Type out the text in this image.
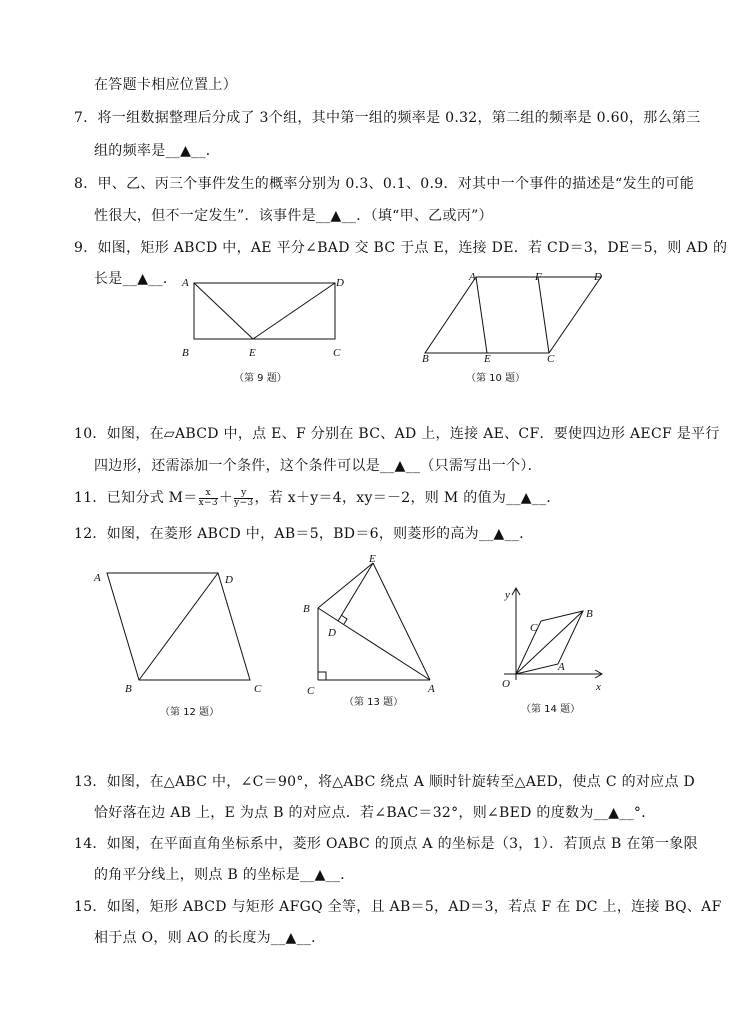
在答题卡相应位置上）
7．将一组数据整理后分成了 3个组，其中第一组的频率是 0.32，第二组的频率是 0.60，那么第三
组的频率是__▲__．
8．甲、乙、丙三个事件发生的概率分别为 0.3、0.1、0.9．对其中一个事件的描述是“发生的可能
性很大，但不一定发生”．该事件是__▲__．（填“甲、乙或丙”）
9．如图，矩形 ABCD 中，AE 平分∠BAD 交 BC 于点 E，连接 DE．若 CD＝3，DE＝5，则 AD 的
长是__▲__． A	D
B	E	C
（第 9 题）
A	F	D
B	E	C
（第 10 题）
10．如图，在▱ABCD 中，点 E、F 分别在 BC、AD 上，连接 AE、CF．要使四边形 AECF 是平行
四边形，还需添加一个条件，这个条件可以是__▲__（只需写出一个）．
11．已知分式 $M= \frac{x}{x-3} + \frac{y}{y-3}$ ，若 x＋y＝4，xy＝－2，则 M 的值为__▲__．
12．如图，在菱形 ABCD 中，AB＝5，BD＝6，则菱形的高为__▲__．
A	D
B	C
（第 12 题）
E
B
D
C	A
（第 13 题）
y
B
C
A
O	x
（第 14 题）
13．如图，在△ABC 中，∠C＝90°，将△ABC 绕点 A 顺时针旋转至△AED，使点 C 的对应点 D
恰好落在边 AB 上，E 为点 B 的对应点．若∠BAC＝32°，则∠BED 的度数为__▲__°．
14．如图，在平面直角坐标系中，菱形 OABC 的顶点 A 的坐标是（3，1）．若顶点 B 在第一象限
的角平分线上，则点 B 的坐标是__▲__．
15．如图，矩形 ABCD 与矩形 AFGQ 全等，且 AB＝5，AD＝3，若点 F 在 DC 上，连接 BQ、AF
相于点 O，则 AO 的长度为__▲__．
